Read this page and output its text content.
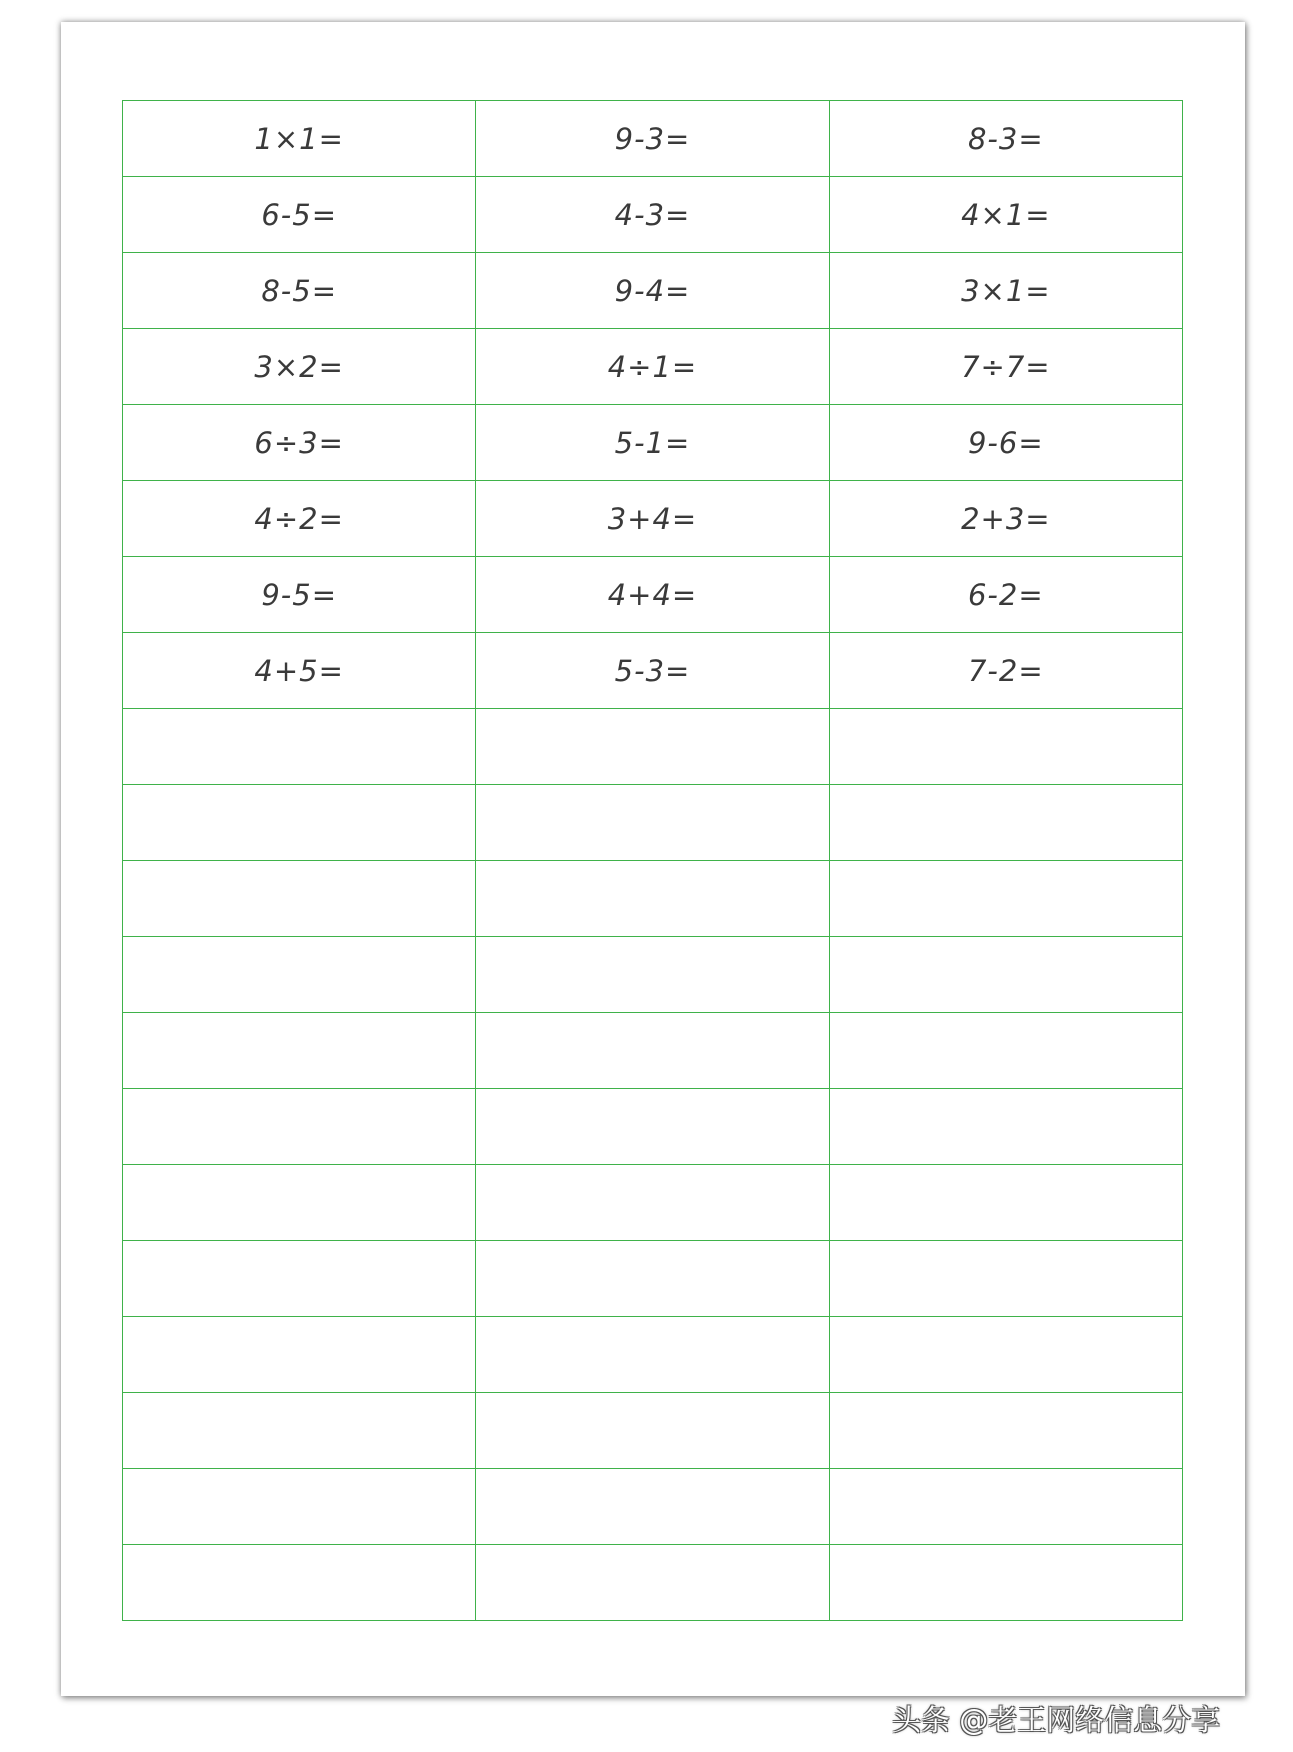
1×1=	9-3=	8-3=
6-5=	4-3=	4×1=
8-5=	9-4=	3×1=
3×2=	4÷1=	7÷7=
6÷3=	5-1=	9-6=
4÷2=	3+4=	2+3=
9-5=	4+4=	6-2=
4+5=	5-3=	7-2=

头条 @老王网络信息分享
